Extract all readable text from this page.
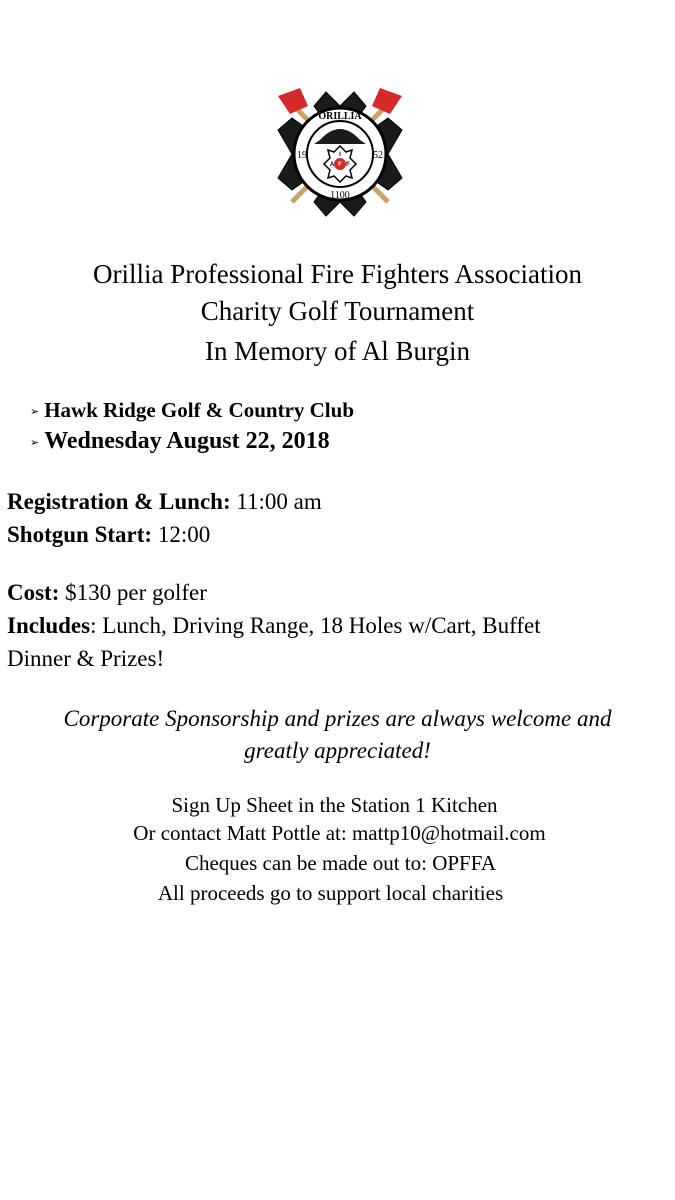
ORILLIA
19	52
1100
I
A F F
Orillia Professional Fire Fighters Association
Charity Golf Tournament
In Memory of Al Burgin
➢ Hawk Ridge Golf & Country Club
➢ Wednesday August 22, 2018
Registration & Lunch: 11:00 am
Shotgun Start: 12:00
Cost: $130 per golfer
Includes: Lunch, Driving Range, 18 Holes w/Cart, Buffet
Dinner & Prizes!
Corporate Sponsorship and prizes are always welcome and
greatly appreciated!
Sign Up Sheet in the Station 1 Kitchen
Or contact Matt Pottle at: mattp10@hotmail.com
Cheques can be made out to: OPFFA
All proceeds go to support local charities
